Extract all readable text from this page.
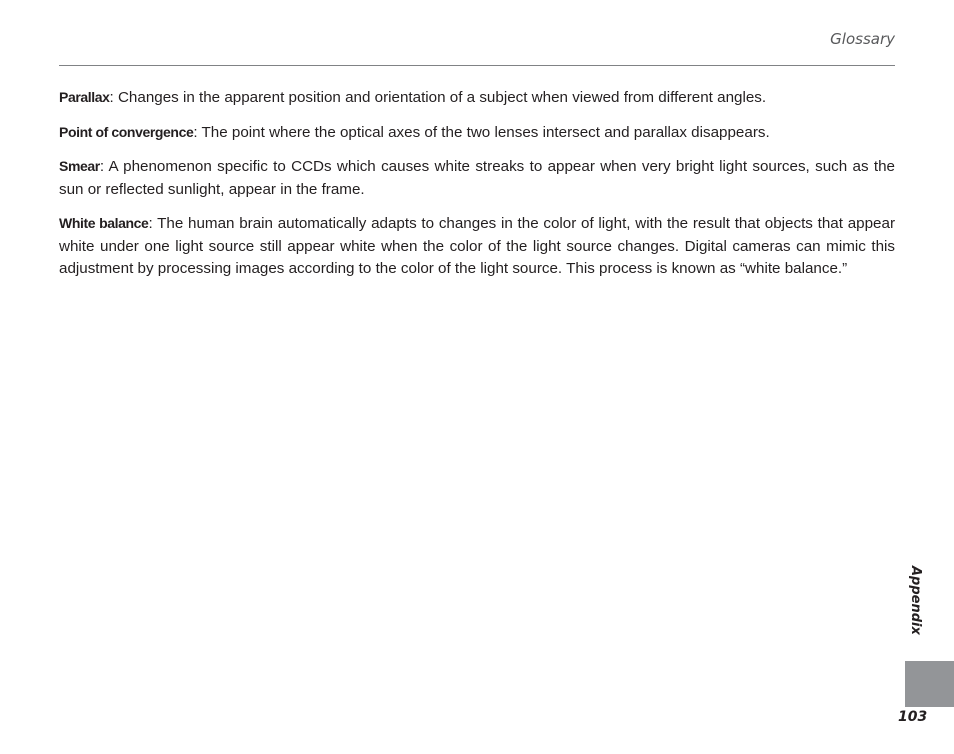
Glossary

Parallax: Changes in the apparent position and orientation of a subject when viewed from different angles.

Point of convergence: The point where the optical axes of the two lenses intersect and parallax disappears.

Smear: A phenomenon specific to CCDs which causes white streaks to appear when very bright light sources, such as the sun or reflected sunlight, appear in the frame.

White balance: The human brain automatically adapts to changes in the color of light, with the result that objects that appear white under one light source still appear white when the color of the light source changes. Digital cameras can mimic this adjustment by processing images according to the color of the light source. This process is known as “white balance.”

Appendix
103
